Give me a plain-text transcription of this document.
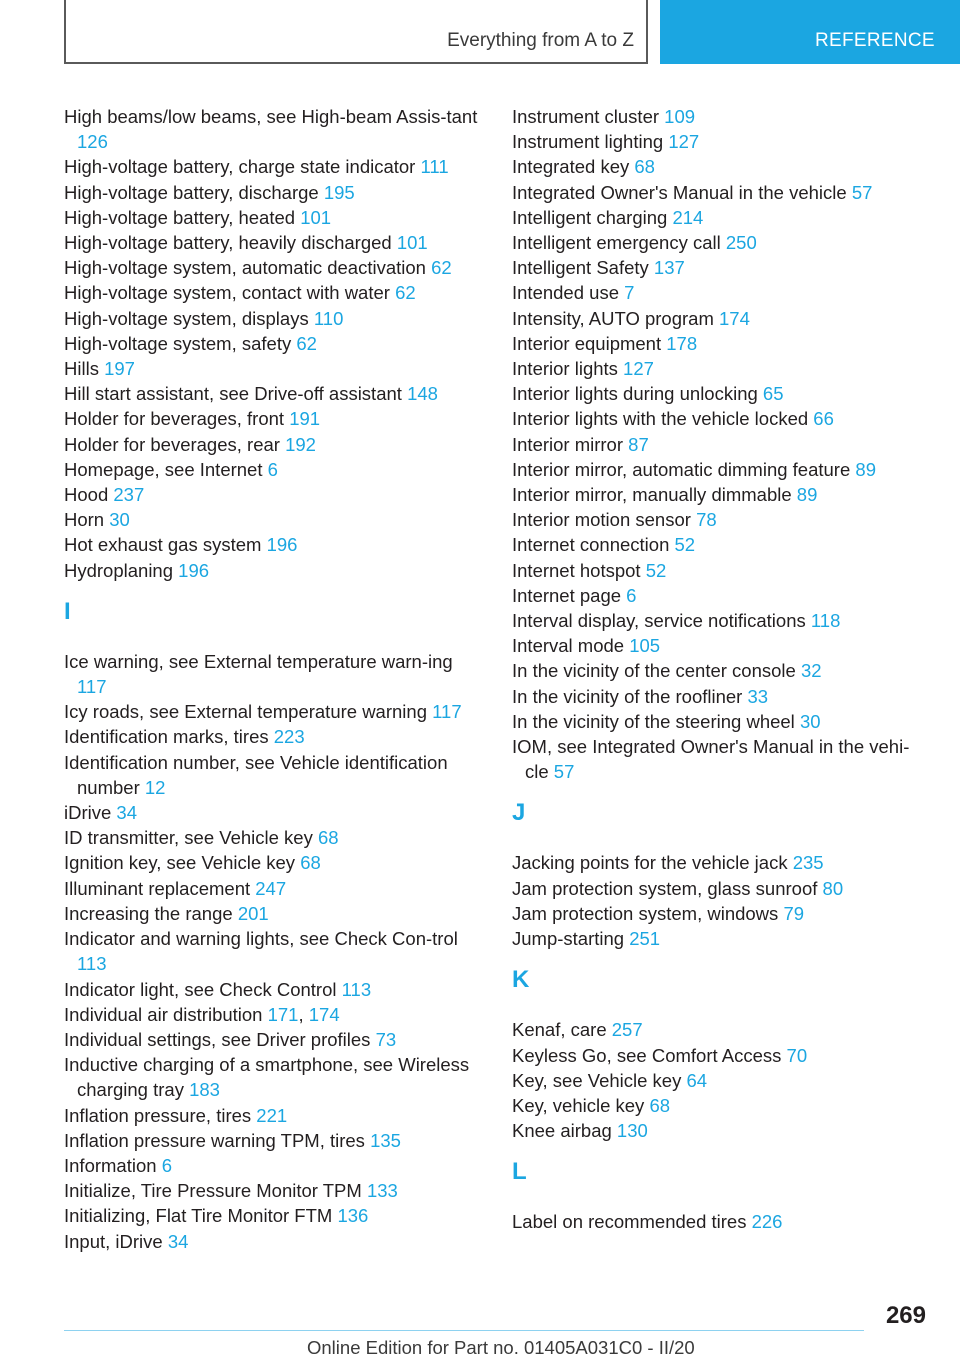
Everything from A to Z	REFERENCE
High beams/low beams, see High-beam Assis-tant 126
High-voltage battery, charge state indicator 111
High-voltage battery, discharge 195
High-voltage battery, heated 101
High-voltage battery, heavily discharged 101
High-voltage system, automatic deactivation 62
High-voltage system, contact with water 62
High-voltage system, displays 110
High-voltage system, safety 62
Hills 197
Hill start assistant, see Drive-off assistant 148
Holder for beverages, front 191
Holder for beverages, rear 192
Homepage, see Internet 6
Hood 237
Horn 30
Hot exhaust gas system 196
Hydroplaning 196
I
Ice warning, see External temperature warn-ing 117
Icy roads, see External temperature warning 117
Identification marks, tires 223
Identification number, see Vehicle identification number 12
iDrive 34
ID transmitter, see Vehicle key 68
Ignition key, see Vehicle key 68
Illuminant replacement 247
Increasing the range 201
Indicator and warning lights, see Check Con-trol 113
Indicator light, see Check Control 113
Individual air distribution 171, 174
Individual settings, see Driver profiles 73
Inductive charging of a smartphone, see Wireless charging tray 183
Inflation pressure, tires 221
Inflation pressure warning TPM, tires 135
Information 6
Initialize, Tire Pressure Monitor TPM 133
Initializing, Flat Tire Monitor FTM 136
Input, iDrive 34
Instrument cluster 109
Instrument lighting 127
Integrated key 68
Integrated Owner's Manual in the vehicle 57
Intelligent charging 214
Intelligent emergency call 250
Intelligent Safety 137
Intended use 7
Intensity, AUTO program 174
Interior equipment 178
Interior lights 127
Interior lights during unlocking 65
Interior lights with the vehicle locked 66
Interior mirror 87
Interior mirror, automatic dimming feature 89
Interior mirror, manually dimmable 89
Interior motion sensor 78
Internet connection 52
Internet hotspot 52
Internet page 6
Interval display, service notifications 118
Interval mode 105
In the vicinity of the center console 32
In the vicinity of the roofliner 33
In the vicinity of the steering wheel 30
IOM, see Integrated Owner's Manual in the vehi-cle 57
J
Jacking points for the vehicle jack 235
Jam protection system, glass sunroof 80
Jam protection system, windows 79
Jump-starting 251
K
Kenaf, care 257
Keyless Go, see Comfort Access 70
Key, see Vehicle key 64
Key, vehicle key 68
Knee airbag 130
L
Label on recommended tires 226
269
Online Edition for Part no. 01405A031C0 - II/20
